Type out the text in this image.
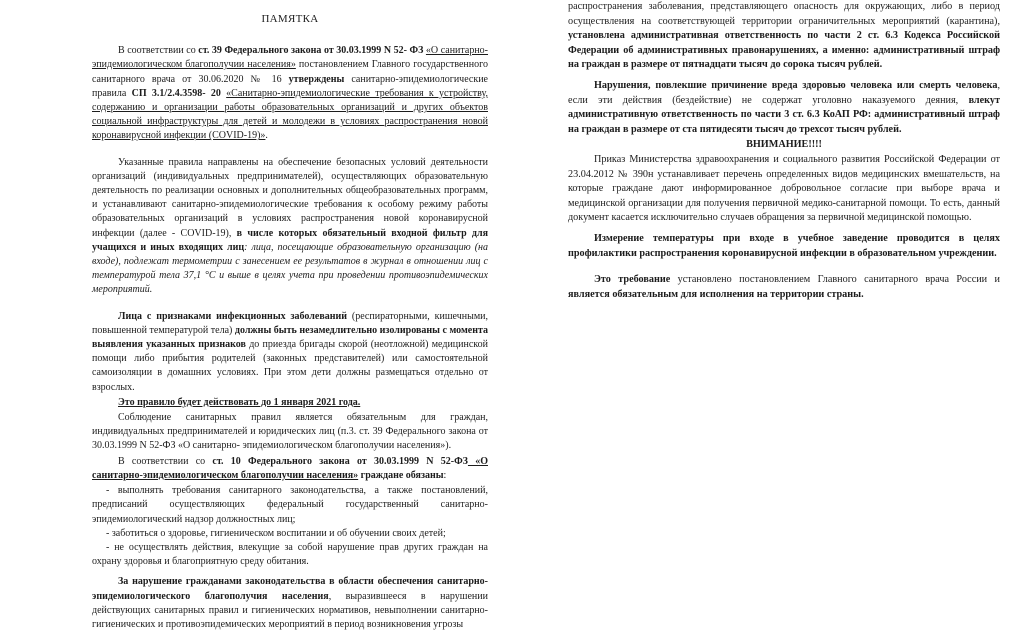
ПАМЯТКА

В соответствии со ст. 39 Федерального закона от 30.03.1999 N 52- ФЗ «О санитарно-эпидемиологическом благополучии населения» постановлением Главного государственного санитарного врача от 30.06.2020 № 16 утверждены санитарно-эпидемиологические правила СП 3.1/2.4.3598- 20 «Санитарно-эпидемиологические требования к устройству, содержанию и организации работы образовательных организаций и других объектов социальной инфраструктуры для детей и молодежи в условиях распространения новой коронавирусной инфекции (COVID-19)».

Указанные правила направлены на обеспечение безопасных условий деятельности организаций (индивидуальных предпринимателей), осуществляющих образовательную деятельность по реализации основных и дополнительных общеобразовательных программ, и устанавливают санитарно-эпидемиологические требования к особому режиму работы образовательных организаций в условиях распространения новой коронавирусной инфекции (далее - COVID-19), в числе которых обязательный входной фильтр для учащихся и иных входящих лиц: лица, посещающие образовательную организацию (на входе), подлежат термометрии с занесением ее результатов в журнал в отношении лиц с температурой тела 37,1 °С и выше в целях учета при проведении противоэпидемических мероприятий.

Лица с признаками инфекционных заболеваний (респираторными, кишечными, повышенной температурой тела) должны быть незамедлительно изолированы с момента выявления указанных признаков до приезда бригады скорой (неотложной) медицинской помощи либо прибытия родителей (законных представителей) или самостоятельной самоизоляции в домашних условиях. При этом дети должны размещаться отдельно от взрослых.

Это правило будет действовать до 1 января 2021 года.

Соблюдение санитарных правил является обязательным для граждан, индивидуальных предпринимателей и юридических лиц (п.3. ст. 39 Федерального закона от 30.03.1999 N 52-ФЗ «О санитарно- эпидемиологическом благополучии населения»).

В соответствии со ст. 10 Федерального закона от 30.03.1999 N 52-ФЗ «О санитарно-эпидемиологическом благополучии населения» граждане обязаны:

- выполнять требования санитарного законодательства, а также постановлений, предписаний осуществляющих федеральный государственный санитарно-эпидемиологический надзор должностных лиц;

- заботиться о здоровье, гигиеническом воспитании и об обучении своих детей;

- не осуществлять действия, влекущие за собой нарушение прав других граждан на охрану здоровья и благоприятную среду обитания.

За нарушение гражданами законодательства в области обеспечения санитарно-эпидемиологического благополучия населения, выразившееся в нарушении действующих санитарных правил и гигиенических нормативов, невыполнении санитарно-гигиенических и противоэпидемических мероприятий в период возникновения угрозы

распространения заболевания, представляющего опасность для окружающих, либо в период осуществления на соответствующей территории ограничительных мероприятий (карантина), установлена административная ответственность по части 2 ст. 6.3 Кодекса Российской Федерации об административных правонарушениях, а именно: административный штраф на граждан в размере от пятнадцати тысяч до сорока тысяч рублей.

Нарушения, повлекшие причинение вреда здоровью человека или смерть человека, если эти действия (бездействие) не содержат уголовно наказуемого деяния, влекут административную ответственность по части 3 ст. 6.3 КоАП РФ: административный штраф на граждан в размере от ста пятидесяти тысяч до трехсот тысяч рублей.

ВНИМАНИЕ!!!!

Приказ Министерства здравоохранения и социального развития Российской Федерации от 23.04.2012 № 390н устанавливает перечень определенных видов медицинских вмешательств, на которые граждане дают информированное добровольное согласие при выборе врача и медицинской организации для получения первичной медико-санитарной помощи. То есть, данный документ касается исключительно случаев обращения за первичной медицинской помощью.

Измерение температуры при входе в учебное заведение проводится в целях профилактики распространения коронавирусной инфекции в образовательном учреждении.

Это требование установлено постановлением Главного санитарного врача России и является обязательным для исполнения на территории страны.
